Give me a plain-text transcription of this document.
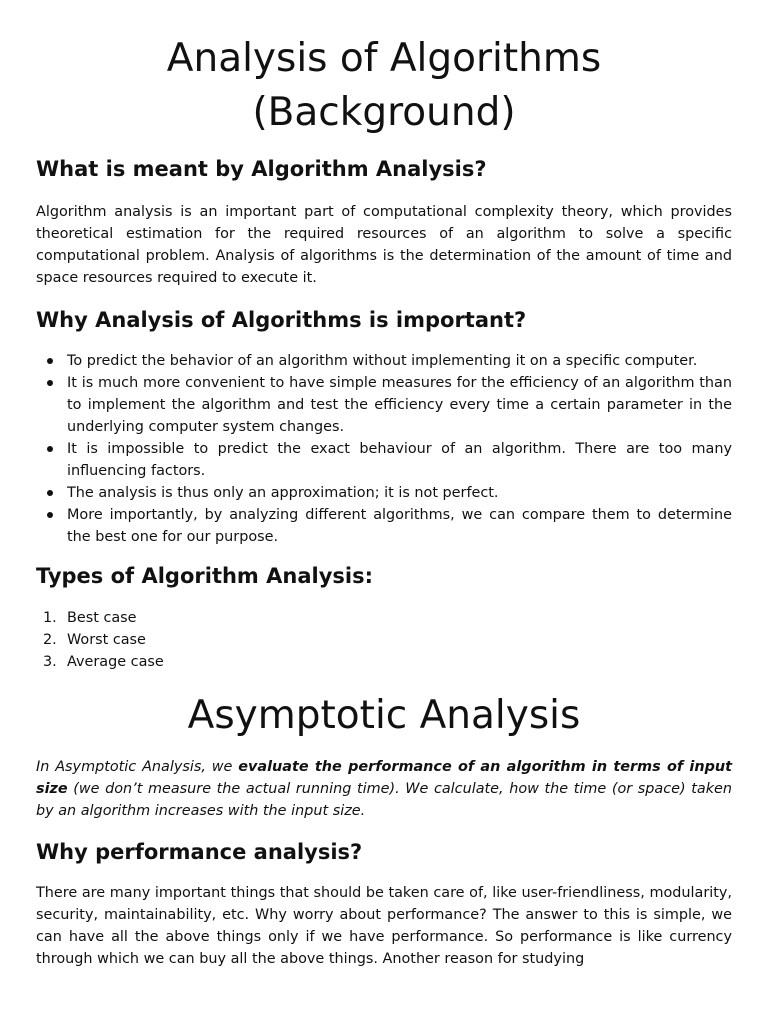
Analysis of Algorithms
(Background)
What is meant by Algorithm Analysis?

Algorithm analysis is an important part of computational complexity theory, which provides theoretical estimation for the required resources of an algorithm to solve a specific computational problem. Analysis of algorithms is the determination of the amount of time and space resources required to execute it.

Why Analysis of Algorithms is important?
To predict the behavior of an algorithm without implementing it on a specific computer.
It is much more convenient to have simple measures for the efficiency of an algorithm than to implement the algorithm and test the efficiency every time a certain parameter in the underlying computer system changes.
It is impossible to predict the exact behaviour of an algorithm. There are too many influencing factors.
The analysis is thus only an approximation; it is not perfect.
More importantly, by analyzing different algorithms, we can compare them to determine the best one for our purpose.
Types of Algorithm Analysis:
1. Best case
2. Worst case
3. Average case
Asymptotic Analysis

In Asymptotic Analysis, we evaluate the performance of an algorithm in terms of input size (we don’t measure the actual running time). We calculate, how the time (or space) taken by an algorithm increases with the input size.

Why performance analysis?

There are many important things that should be taken care of, like user-friendliness, modularity, security, maintainability, etc. Why worry about performance? The answer to this is simple, we can have all the above things only if we have performance. So performance is like currency through which we can buy all the above things. Another reason for studying
